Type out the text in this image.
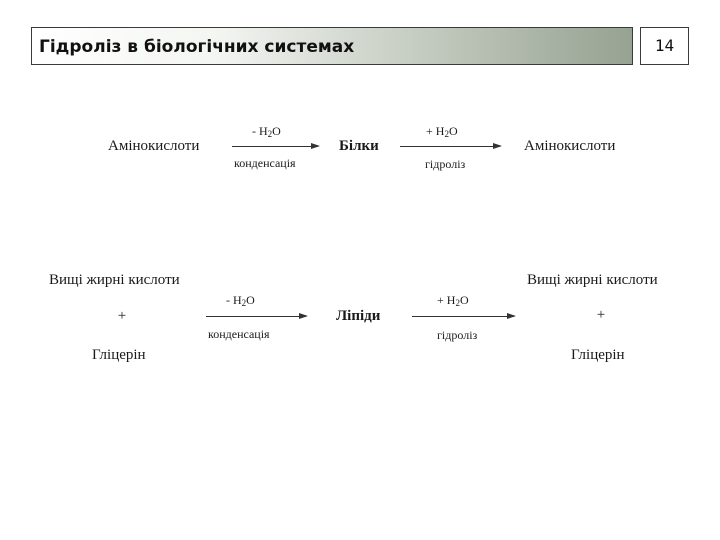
Гідроліз в біологічних системах	14
Амінокислоти
- $H_2O$
конденсація
Білки
+ $H_2O$
гідроліз
Амінокислоти
Вищі жирні кислоти
+
Гліцерін
- $H_2O$
конденсація
Ліпіди
+ $H_2O$
гідроліз
Вищі жирні кислоти
+
Гліцерін
